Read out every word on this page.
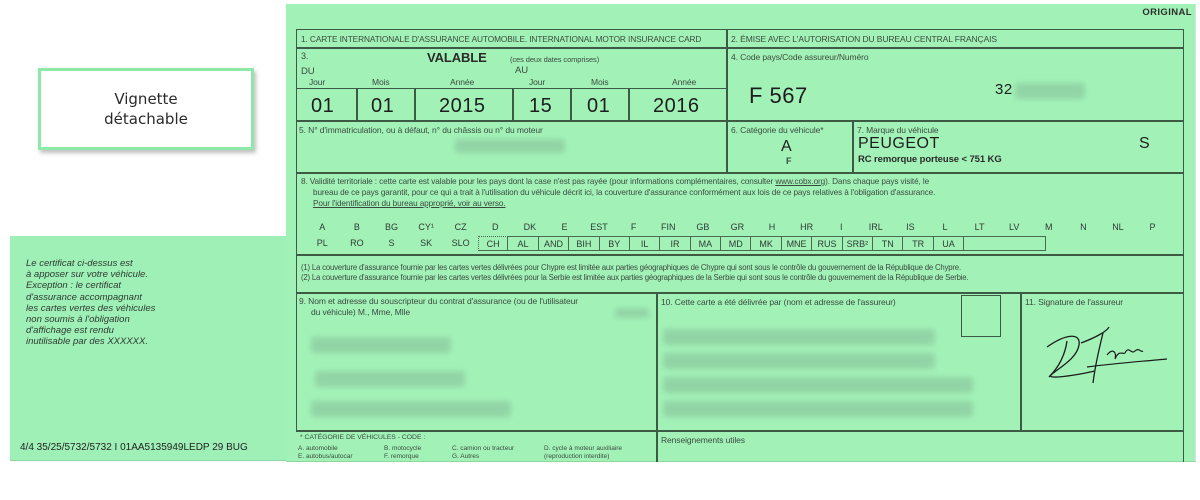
Vignette
détachable
Le certificat ci-dessus est
à apposer sur votre véhicule.
Exception : le certificat
d'assurance accompagnant
les cartes vertes des véhicules
non soumis à l'obligation
d'affichage est rendu
inutilisable par des XXXXXX.
4/4 35/25/5732/5732 I 01AA5135949LEDP 29 BUG
ORIGINAL
1. CARTE INTERNATIONALE D'ASSURANCE AUTOMOBILE. INTERNATIONAL MOTOR INSURANCE CARD	2. ÉMISE AVEC L'AUTORISATION DU BUREAU CENTRAL FRANÇAIS
3.	VALABLE	(ces deux dates comprises)
DU	AU
Jour	Mois	Année	Jour	Mois	Année
01 01 2015 15 01 2016
4. Code pays/Code assureur/Numéro
F 567	32
5. N° d'immatriculation, ou à défaut, n° du châssis ou n° du moteur	6. Catégorie du véhicule*
A
F
7. Marque du véhicule
PEUGEOT
RC remorque porteuse < 751 KG
S
8. Validité territoriale : cette carte est valable pour les pays dont la case n'est pas rayée (pour informations complémentaires, consulter www.cobx.org). Dans chaque pays visité, le
bureau de ce pays garantit, pour ce qui a trait à l'utilisation du véhicule décrit ici, la couverture d'assurance conformément aux lois de ce pays relatives à l'obligation d'assurance.
Pour l'identification du bureau approprié, voir au verso.
A	B	BG	CY¹	CZ	D	DK	E	EST	F	FIN	GB	GR	H	HR	I	IRL	IS	L	LT	LV	M	N	NL	P
PL	RO	S	SK	SLO	CH	AL	AND	BIH	BY	IL	IR	MA	MD	MK	MNE	RUS	SRB²	TN	TR	UA
(1) La couverture d'assurance fournie par les cartes vertes délivrées pour Chypre est limitée aux parties géographiques de Chypre qui sont sous le contrôle du gouvernement de la République de Chypre.
(2) La couverture d'assurance fournie par les cartes vertes délivrées pour la Serbie est limitée aux parties géographiques de la Serbie qui sont sous le contrôle du gouvernement de la République de Serbie.
9. Nom et adresse du souscripteur du contrat d'assurance (ou de l'utilisateur
du véhicule) M., Mme, Mlle
10. Cette carte a été délivrée par (nom et adresse de l'assureur)	11. Signature de l'assureur
* CATÉGORIE DE VÉHICULES - CODE :
A. automobile	B. motocycle	C. camion ou tracteur	D. cycle à moteur auxiliaire
E. autobus/autocar	F. remorque	G. Autres	(reproduction interdite)
Renseignements utiles
